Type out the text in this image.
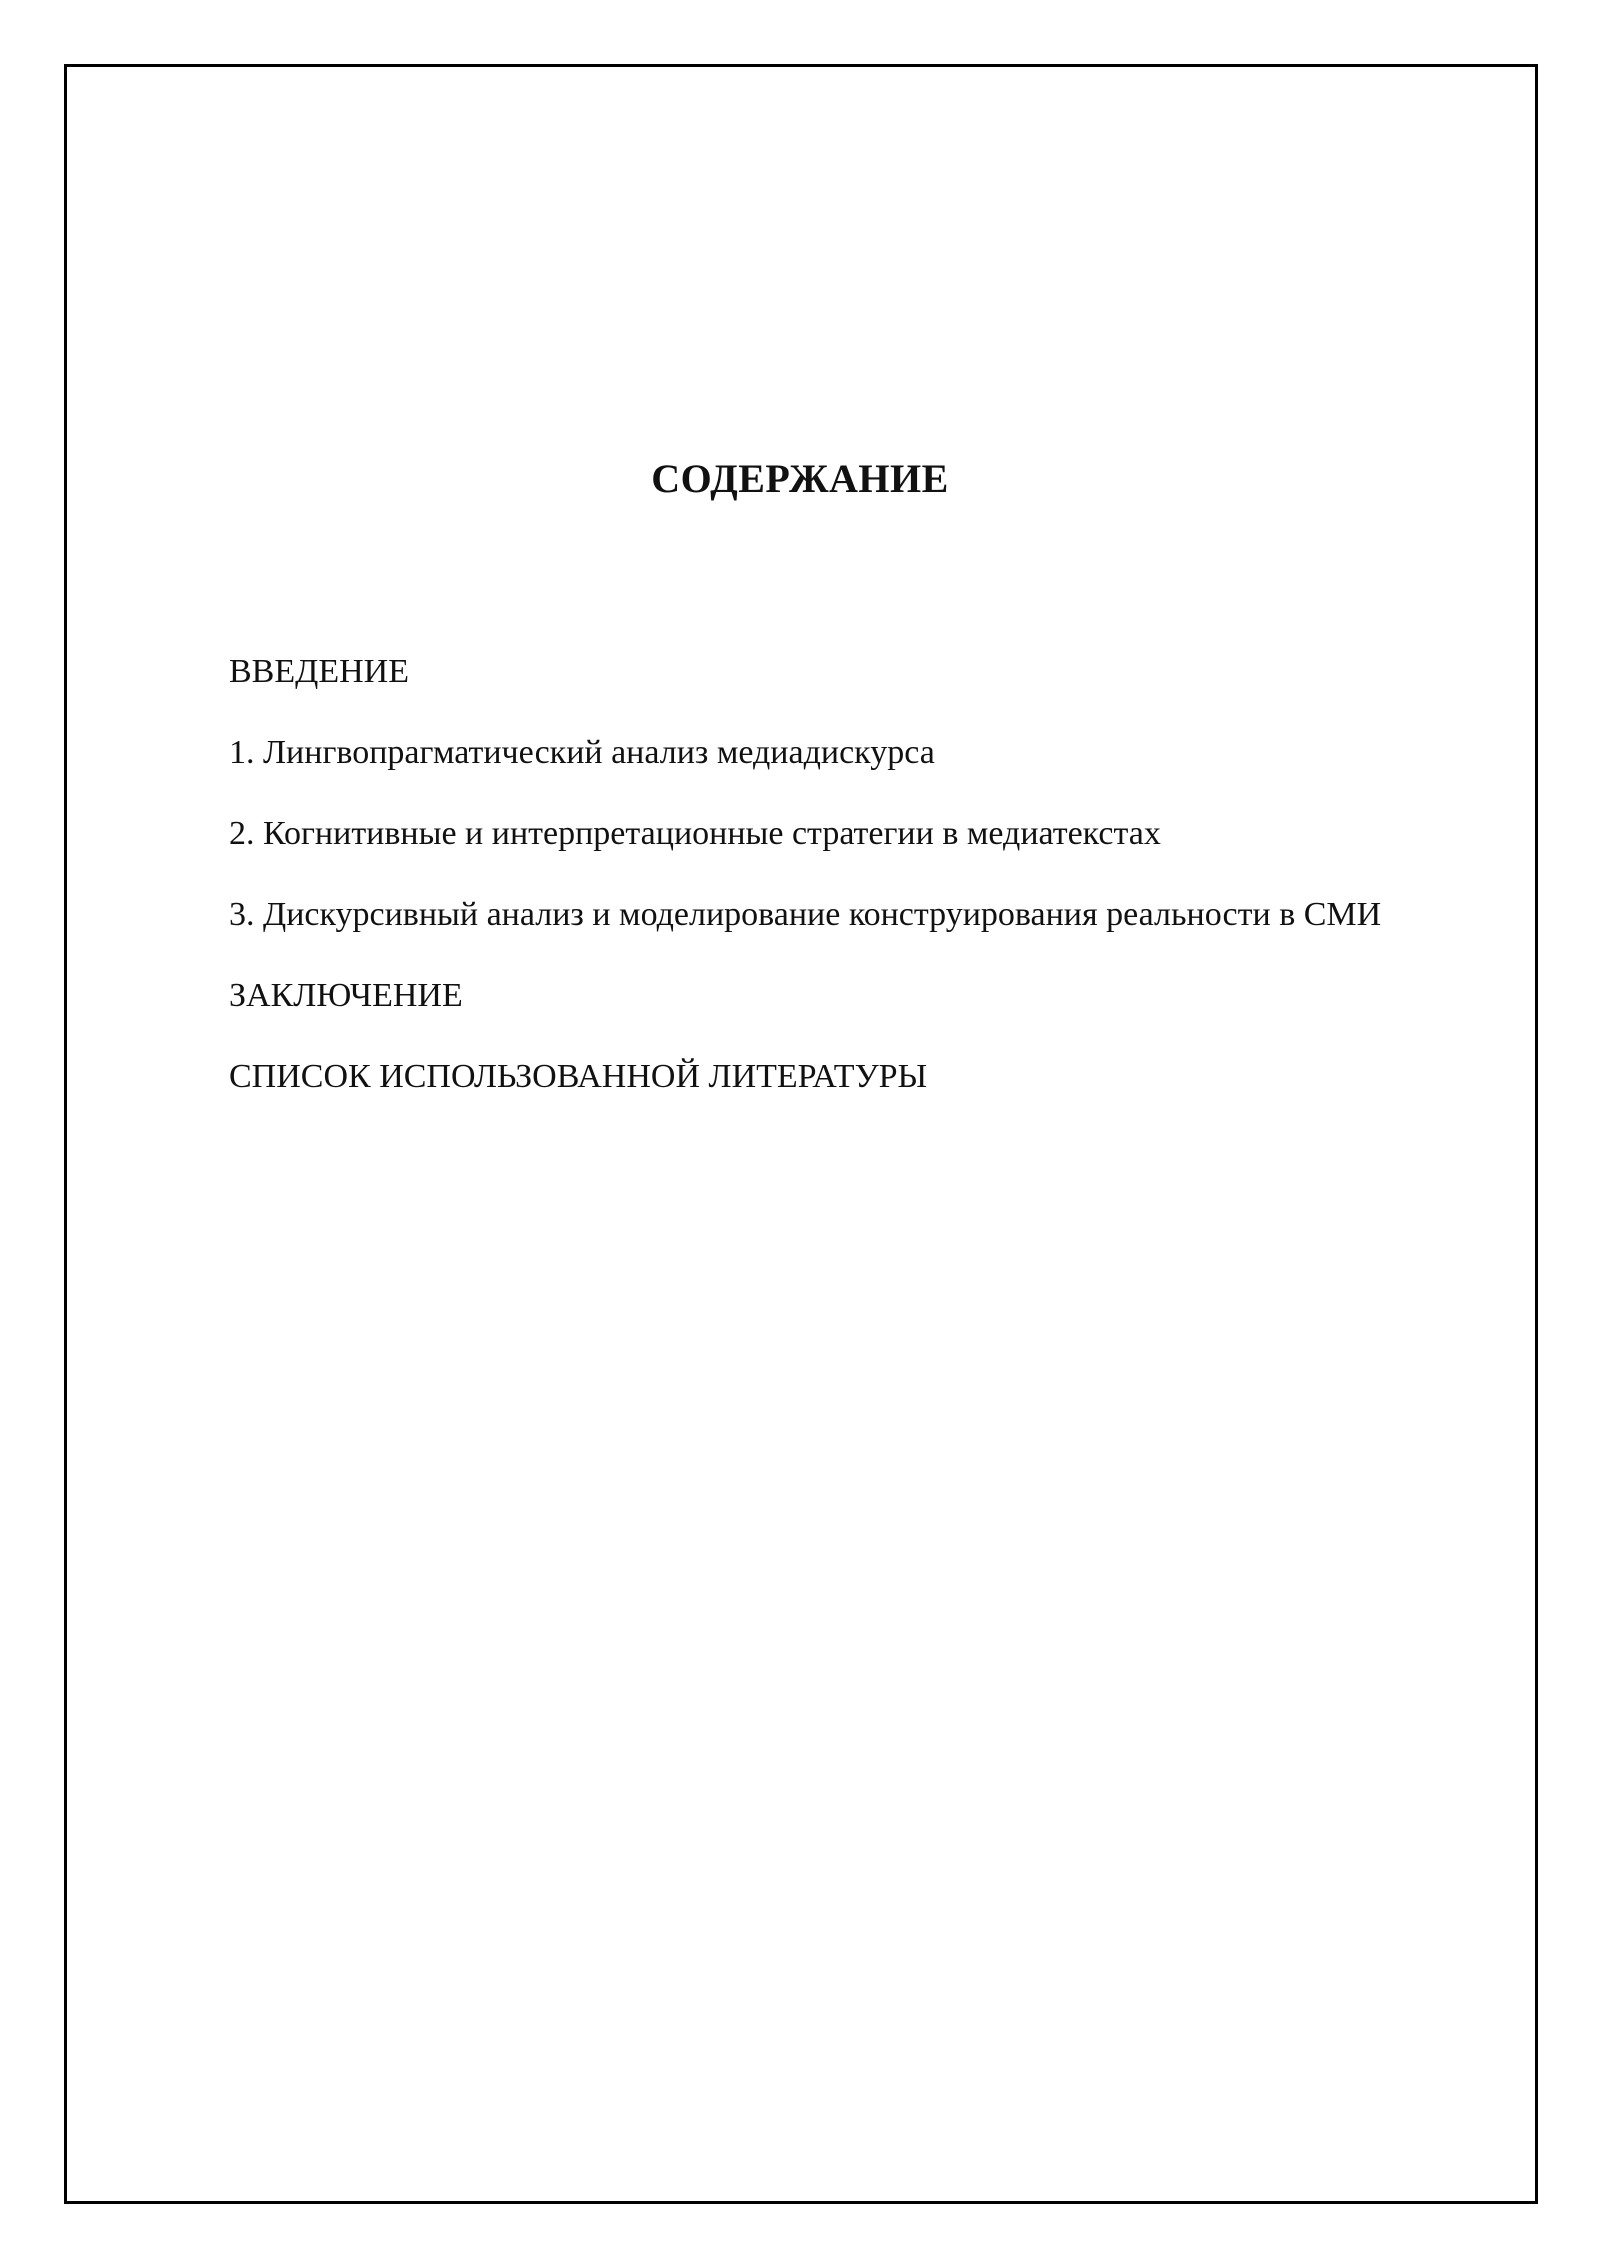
СОДЕРЖАНИЕ
ВВЕДЕНИЕ
1. Лингвопрагматический анализ медиадискурса
2. Когнитивные и интерпретационные стратегии в медиатекстах
3. Дискурсивный анализ и моделирование конструирования реальности в СМИ
ЗАКЛЮЧЕНИЕ
СПИСОК ИСПОЛЬЗОВАННОЙ ЛИТЕРАТУРЫ
